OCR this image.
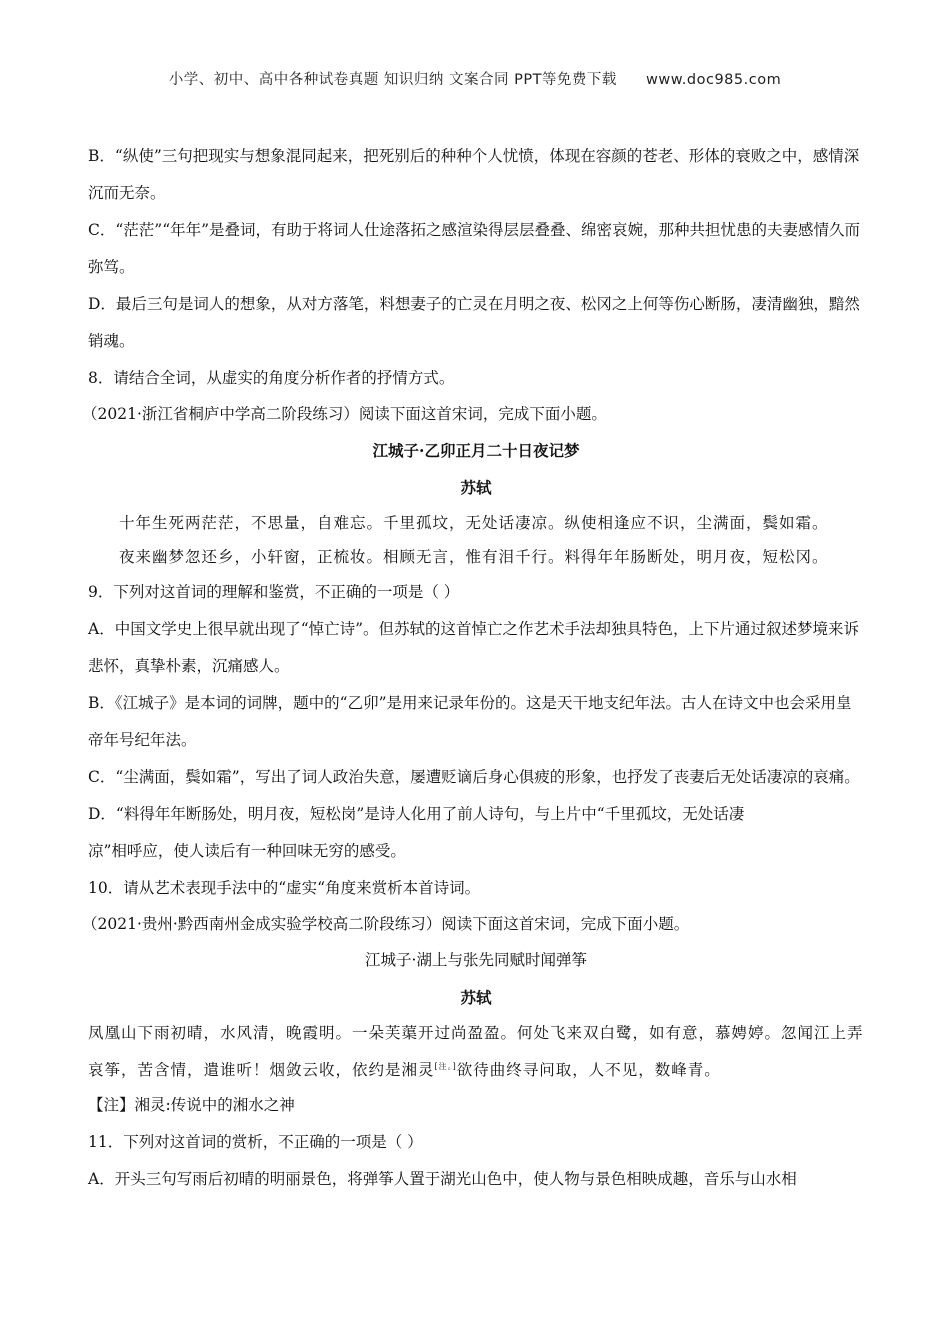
小学、初中、高中各种试卷真题 知识归纳 文案合同 PPT等免费下载 www.doc985.com

B．“纵使”三句把现实与想象混同起来，把死别后的种种个人忧愤，体现在容颜的苍老、形体的衰败之中，感情深沉而无奈。

C．“茫茫”“年年”是叠词，有助于将词人仕途落拓之感渲染得层层叠叠、绵密哀婉，那种共担忧患的夫妻感情久而弥笃。

D．最后三句是词人的想象，从对方落笔，料想妻子的亡灵在月明之夜、松冈之上何等伤心断肠，凄清幽独，黯然销魂。

8．请结合全词，从虚实的角度分析作者的抒情方式。

（2021·浙江省桐庐中学高二阶段练习）阅读下面这首宋词，完成下面小题。

江城子·乙卯正月二十日夜记梦

苏轼

十年生死两茫茫，不思量，自难忘。千里孤坟，无处话凄凉。纵使相逢应不识，尘满面，鬓如霜。

夜来幽梦忽还乡，小轩窗，正梳妆。相顾无言，惟有泪千行。料得年年肠断处，明月夜，短松冈。

9．下列对这首词的理解和鉴赏，不正确的一项是（ ）

A．中国文学史上很早就出现了“悼亡诗”。但苏轼的这首悼亡之作艺术手法却独具特色，上下片通过叙述梦境来诉悲怀，真挚朴素，沉痛感人。

B．《江城子》是本词的词牌，题中的“乙卯”是用来记录年份的。这是天干地支纪年法。古人在诗文中也会采用皇帝年号纪年法。

C．“尘满面，鬓如霜”，写出了词人政治失意，屡遭贬谪后身心俱疲的形象，也抒发了丧妻后无处话凄凉的哀痛。

D．“料得年年断肠处，明月夜，短松岗”是诗人化用了前人诗句，与上片中“千里孤坟，无处话凄

凉”相呼应，使人读后有一种回味无穷的感受。

10．请从艺术表现手法中的“虚实“角度来赏析本首诗词。

（2021·贵州·黔西南州金成实验学校高二阶段练习）阅读下面这首宋词，完成下面小题。

江城子·湖上与张先同赋时闻弹筝

苏轼

凤凰山下雨初晴，水风清，晚霞明。一朵芙蕖开过尚盈盈。何处飞来双白鹭，如有意，慕娉婷。忽闻江上弄哀筝，苦含情，遣谁听！烟敛云收，依约是湘灵[注。]欲待曲终寻问取，人不见，数峰青。

【注】湘灵:传说中的湘水之神

11．下列对这首词的赏析，不正确的一项是（ ）

A．开头三句写雨后初晴的明丽景色，将弹筝人置于湖光山色中，使人物与景色相映成趣，音乐与山水相
